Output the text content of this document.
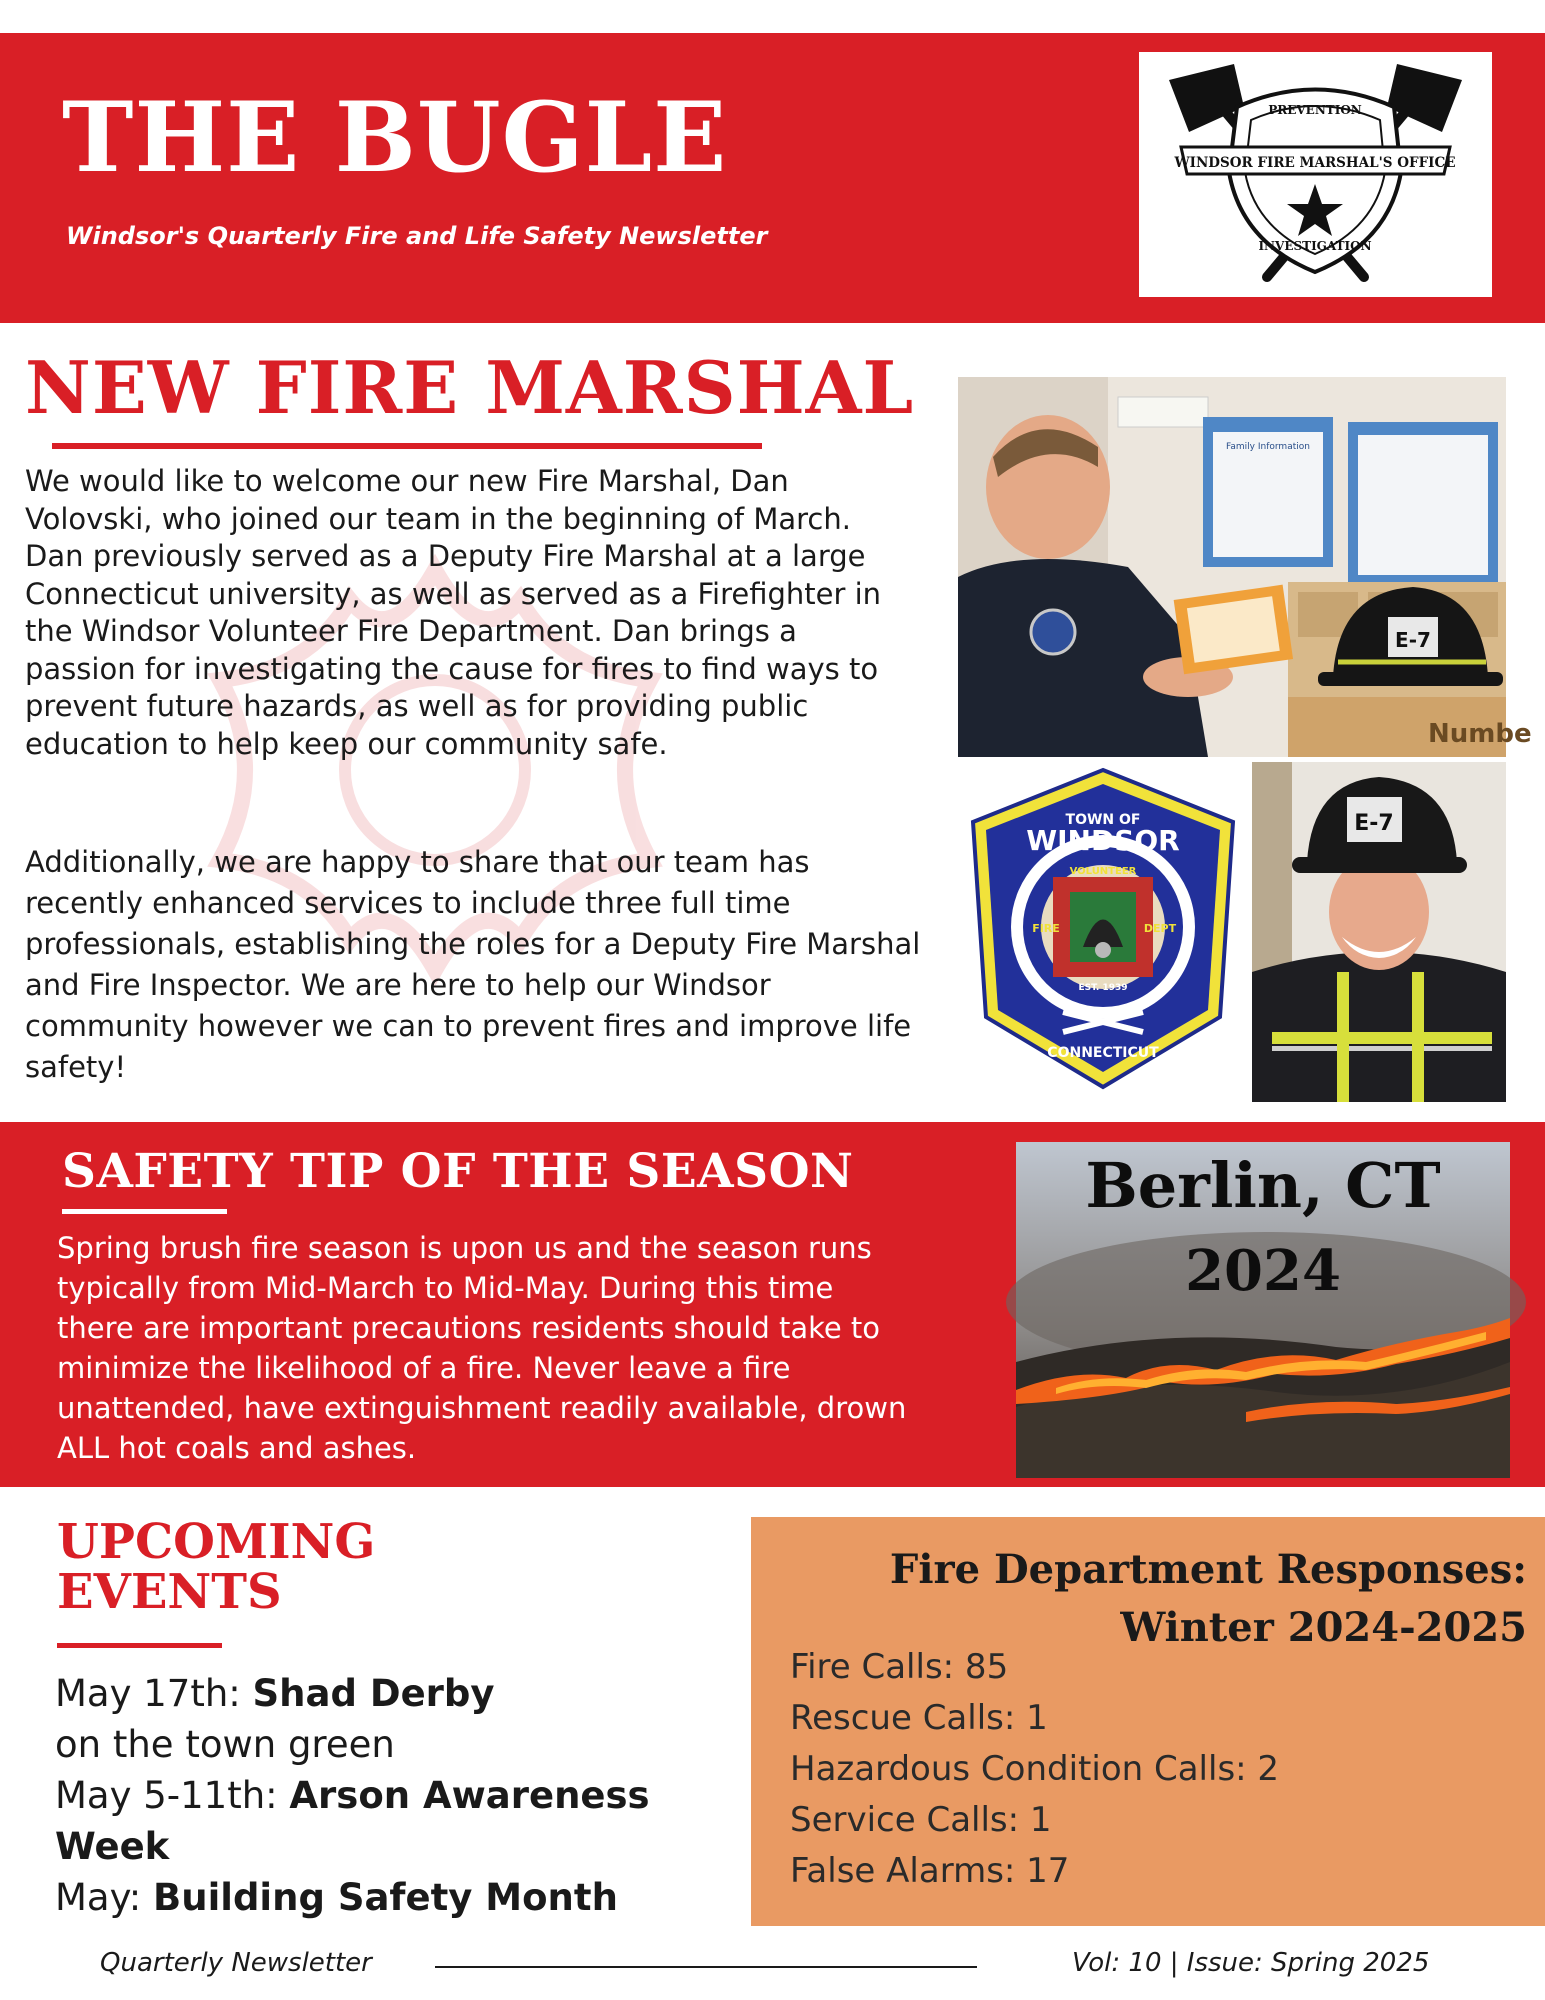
THE BUGLE
Windsor's Quarterly Fire and Life Safety Newsletter
WINDSOR FIRE MARSHAL'S OFFICE
PREVENTION
INVESTIGATION
NEW FIRE MARSHAL

We would like to welcome our new Fire Marshal, Dan Volovski, who joined our team in the beginning of March. Dan previously served as a Deputy Fire Marshal at a large Connecticut university, as well as served as a Firefighter in the Windsor Volunteer Fire Department. Dan brings a passion for investigating the cause for fires to find ways to prevent future hazards, as well as for providing public education to help keep our community safe.

Additionally, we are happy to share that our team has recently enhanced services to include three full time professionals, establishing the roles for a Deputy Fire Marshal and Fire Inspector. We are here to help our Windsor community however we can to prevent fires and improve life safety!

Family Information
Numbe
E-7
TOWN OF
WINDSOR
VOLUNTEER
FIRE	DEPT
EST. 1939
CONNECTICUT
E-7
SAFETY TIP OF THE SEASON

Spring brush fire season is upon us and the season runs typically from Mid-March to Mid-May. During this time there are important precautions residents should take to minimize the likelihood of a fire. Never leave a fire unattended, have extinguishment readily available, drown ALL hot coals and ashes.

Berlin, CT
2024
UPCOMING
EVENTS
May 17th: Shad Derby
on the town green
May 5-11th: Arson Awareness Week
May: Building Safety Month
Fire Department Responses:
Winter 2024-2025
Fire Calls: 85
Rescue Calls: 1
Hazardous Condition Calls: 2
Service Calls: 1
False Alarms: 17
Quarterly Newsletter	Vol: 10 | Issue: Spring 2025
